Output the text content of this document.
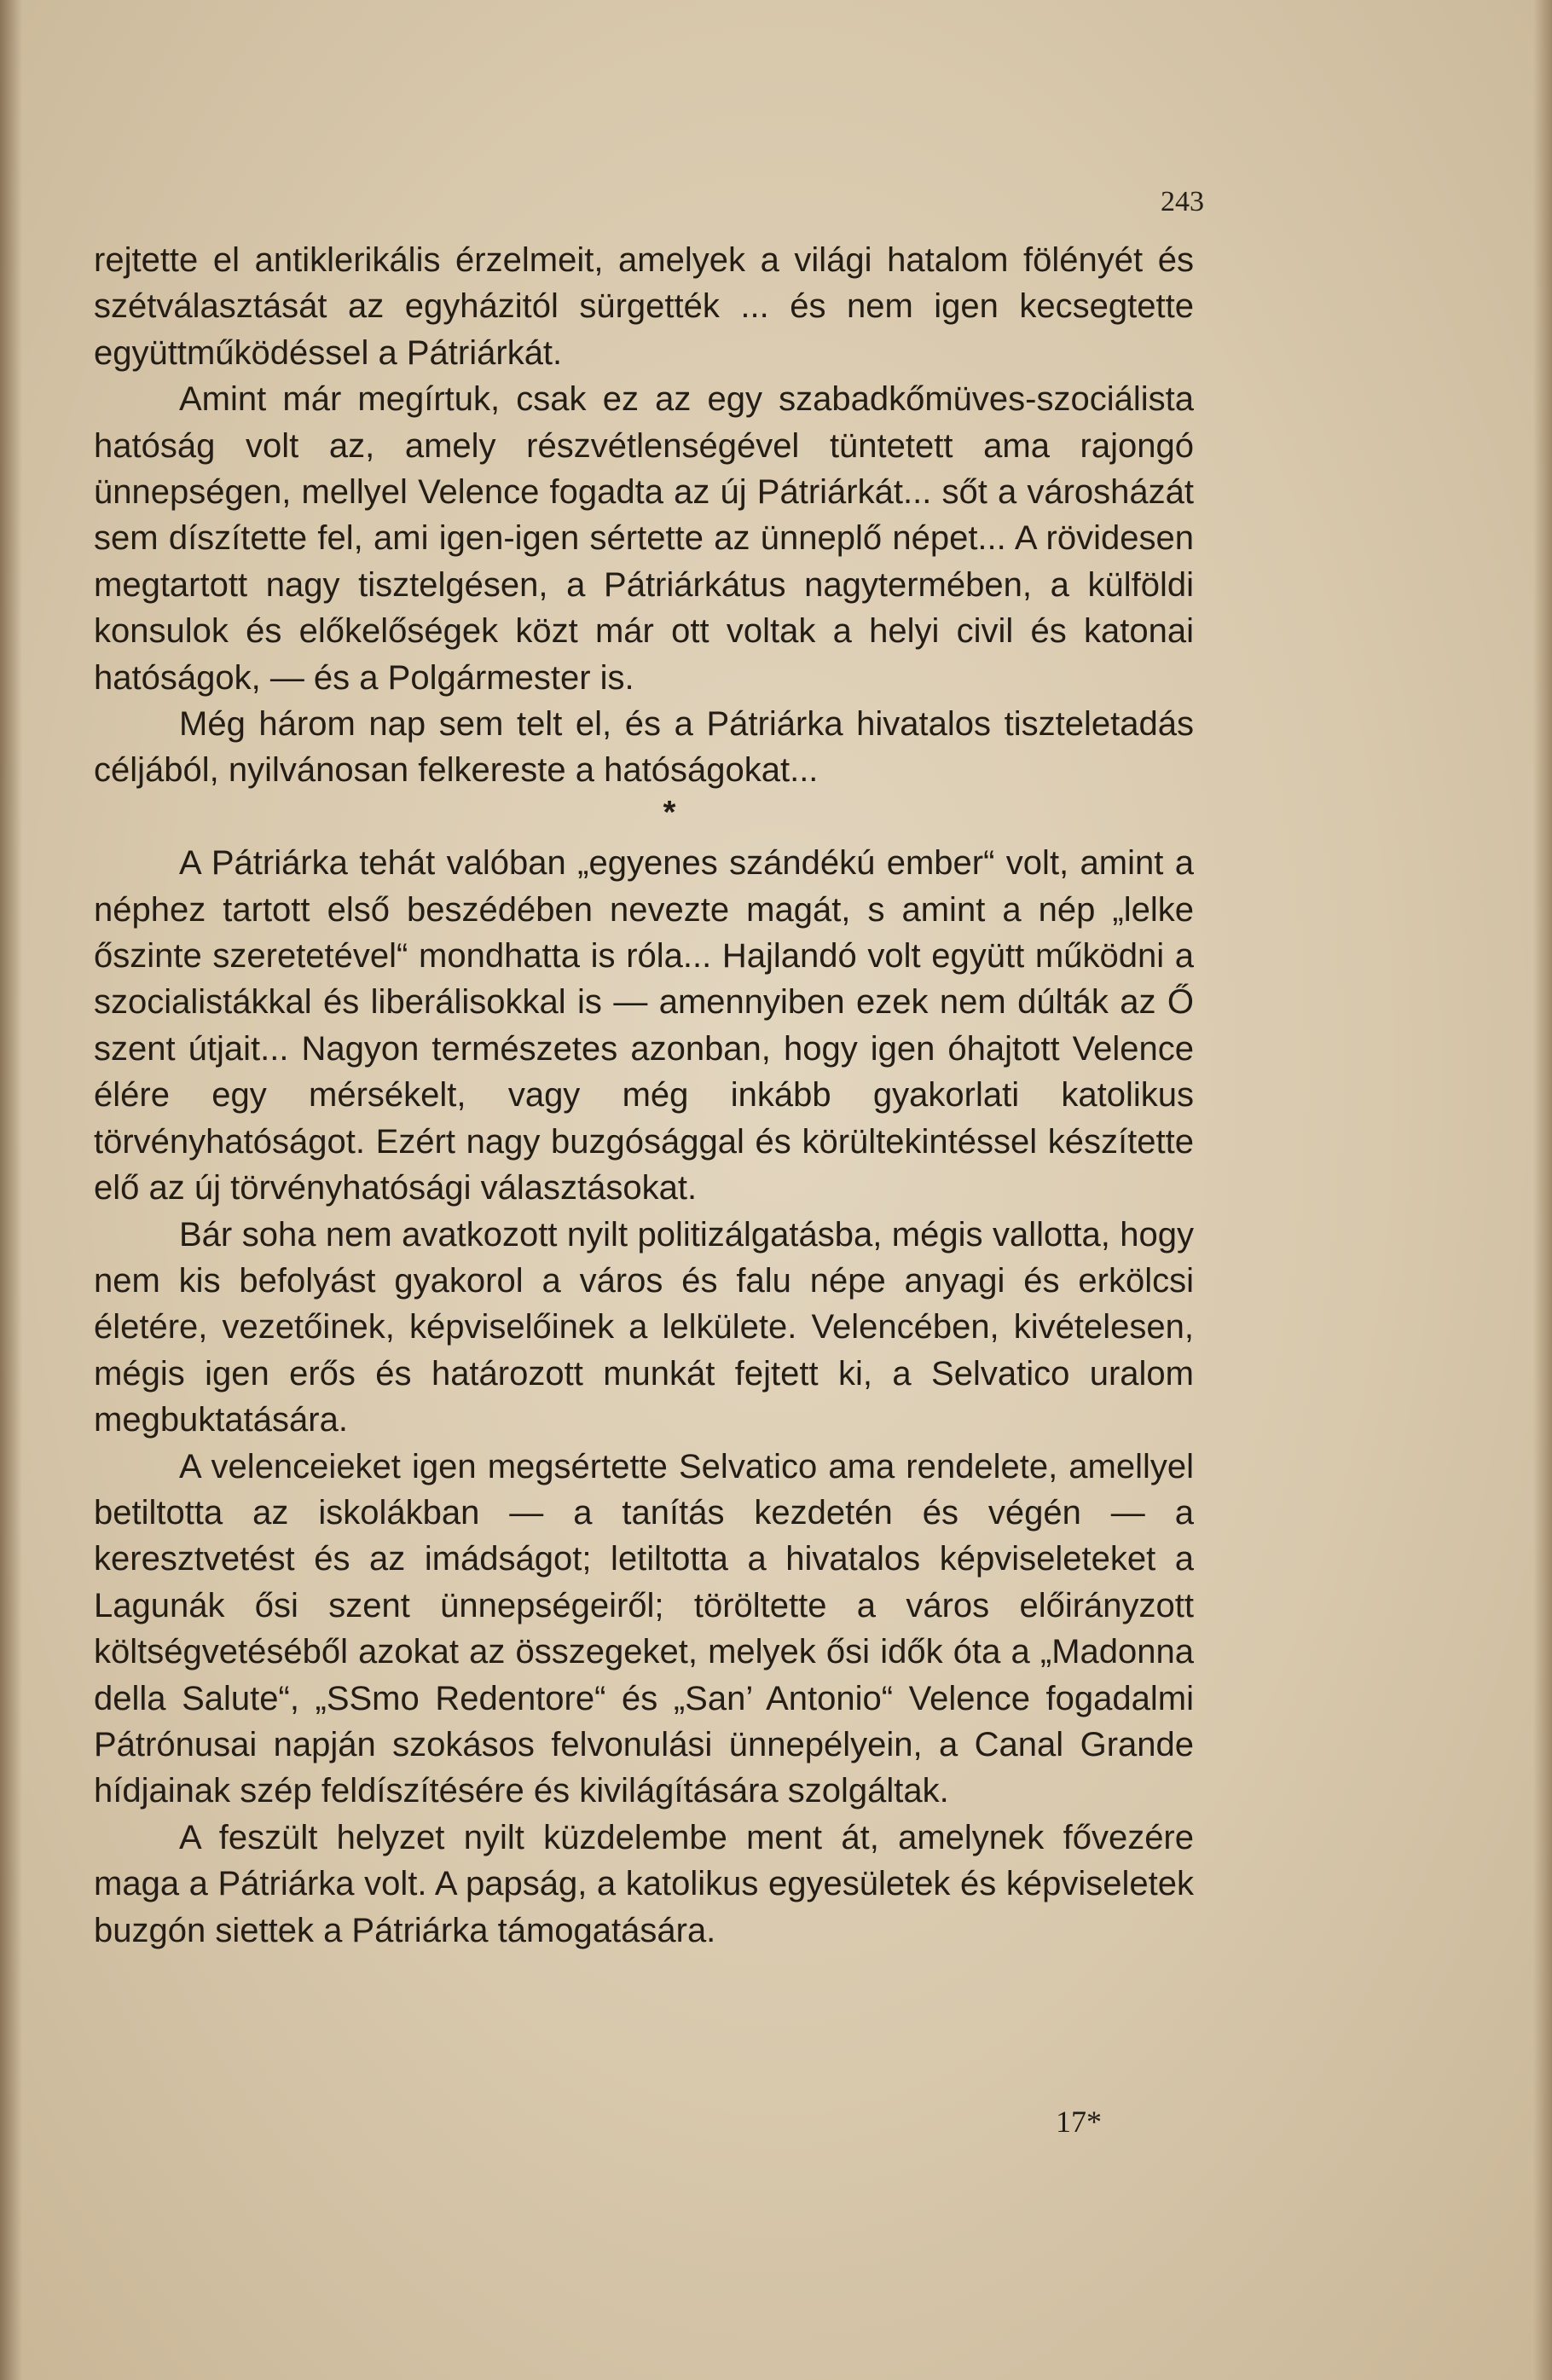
243

rejtette el antiklerikális érzelmeit, amelyek a világi hatalom fölényét és szétválasztását az egyházitól sürgették ... és nem igen kecsegtette együttműködéssel a Pátriárkát.

Amint már megírtuk, csak ez az egy szabadkőmüves-szociálista hatóság volt az, amely részvétlenségével tüntetett ama rajongó ünnepségen, mellyel Velence fogadta az új Pátriárkát... sőt a városházát sem díszítette fel, ami igen-igen sértette az ünneplő népet... A rövidesen megtartott nagy tisztelgésen, a Pátriárkátus nagytermében, a külföldi konsulok és előkelőségek közt már ott voltak a helyi civil és katonai hatóságok, — és a Polgármester is.

Még három nap sem telt el, és a Pátriárka hivatalos tiszteletadás céljából, nyilvánosan felkereste a hatóságokat...

*

A Pátriárka tehát valóban „egyenes szándékú ember“ volt, amint a néphez tartott első beszédében nevezte magát, s amint a nép „lelke őszinte szeretetével“ mondhatta is róla... Hajlandó volt együtt működni a szocialistákkal és liberálisokkal is — amennyiben ezek nem dúlták az Ő szent útjait... Nagyon természetes azonban, hogy igen óhajtott Velence élére egy mérsékelt, vagy még inkább gyakorlati katolikus törvényhatóságot. Ezért nagy buzgósággal és körültekintéssel készítette elő az új törvényhatósági választásokat.

Bár soha nem avatkozott nyilt politizálgatásba, mégis vallotta, hogy nem kis befolyást gyakorol a város és falu népe anyagi és erkölcsi életére, vezetőinek, képviselőinek a lelkülete. Velencében, kivételesen, mégis igen erős és határozott munkát fejtett ki, a Selvatico uralom megbuktatására.

A velenceieket igen megsértette Selvatico ama rendelete, amellyel betiltotta az iskolákban — a tanítás kezdetén és végén — a keresztvetést és az imádságot; letiltotta a hivatalos képviseleteket a Lagunák ősi szent ünnepségeiről; töröltette a város előirányzott költségvetéséből azokat az összegeket, melyek ősi idők óta a „Madonna della Salute“, „SSmo Redentore“ és „San’ Antonio“ Velence fogadalmi Pátrónusai napján szokásos felvonulási ünnepélyein, a Canal Grande hídjainak szép feldíszítésére és kivilágítására szolgáltak.

A feszült helyzet nyilt küzdelembe ment át, amelynek fővezére maga a Pátriárka volt. A papság, a katolikus egyesületek és képviseletek buzgón siettek a Pátriárka támogatására.

17*
